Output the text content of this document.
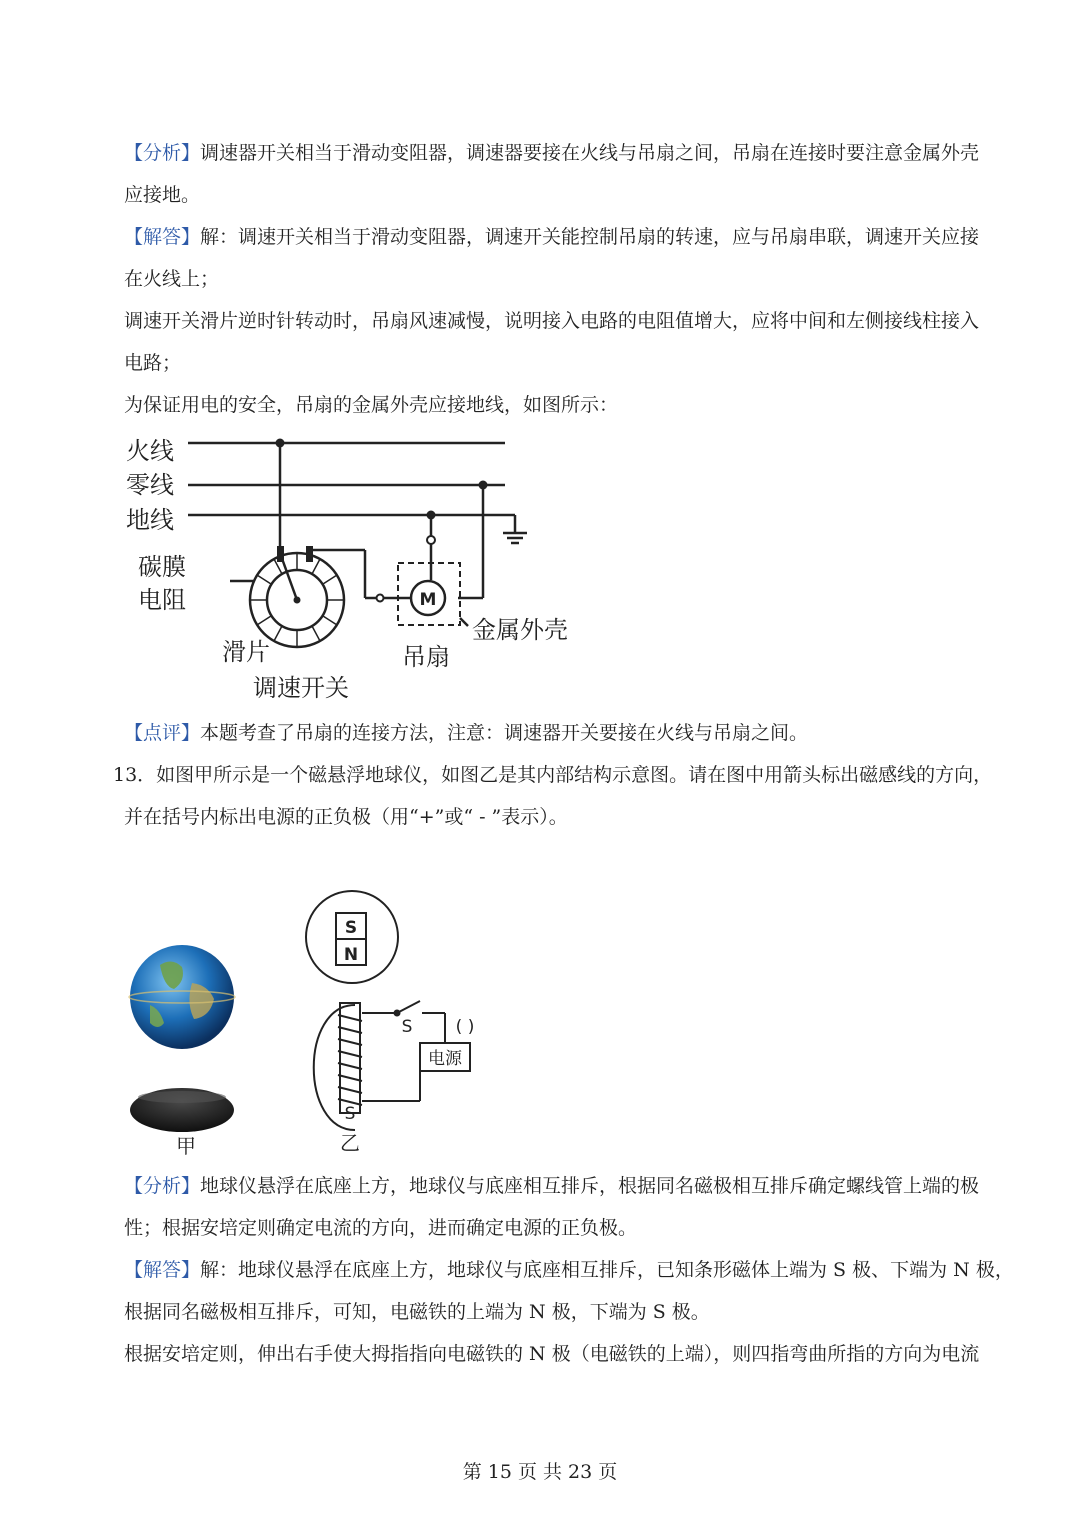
【分析】调速器开关相当于滑动变阻器，调速器要接在火线与吊扇之间，吊扇在连接时要注意金属外壳
应接地。
【解答】解：调速开关相当于滑动变阻器，调速开关能控制吊扇的转速，应与吊扇串联，调速开关应接
在火线上；
调速开关滑片逆时针转动时，吊扇风速减慢，说明接入电路的电阻值增大，应将中间和左侧接线柱接入
电路；
为保证用电的安全，吊扇的金属外壳应接地线，如图所示：
火线
零线
地线
碳膜
电阻
滑片
调速开关
吊扇
金属外壳
M
【点评】本题考查了吊扇的连接方法，注意：调速器开关要接在火线与吊扇之间。
13．如图甲所示是一个磁悬浮地球仪，如图乙是其内部结构示意图。请在图中用箭头标出磁感线的方向，
并在括号内标出电源的正负极（用“+”或“ - ”表示）。
甲
S
N
S
S
( )
电源
乙
【分析】地球仪悬浮在底座上方，地球仪与底座相互排斥，根据同名磁极相互排斥确定螺线管上端的极
性；根据安培定则确定电流的方向，进而确定电源的正负极。
【解答】解：地球仪悬浮在底座上方，地球仪与底座相互排斥，已知条形磁体上端为 S 极、下端为 N 极，
根据同名磁极相互排斥，可知，电磁铁的上端为 N 极，下端为 S 极。
根据安培定则，伸出右手使大拇指指向电磁铁的 N 极（电磁铁的上端），则四指弯曲所指的方向为电流
第 15 页 共 23 页
